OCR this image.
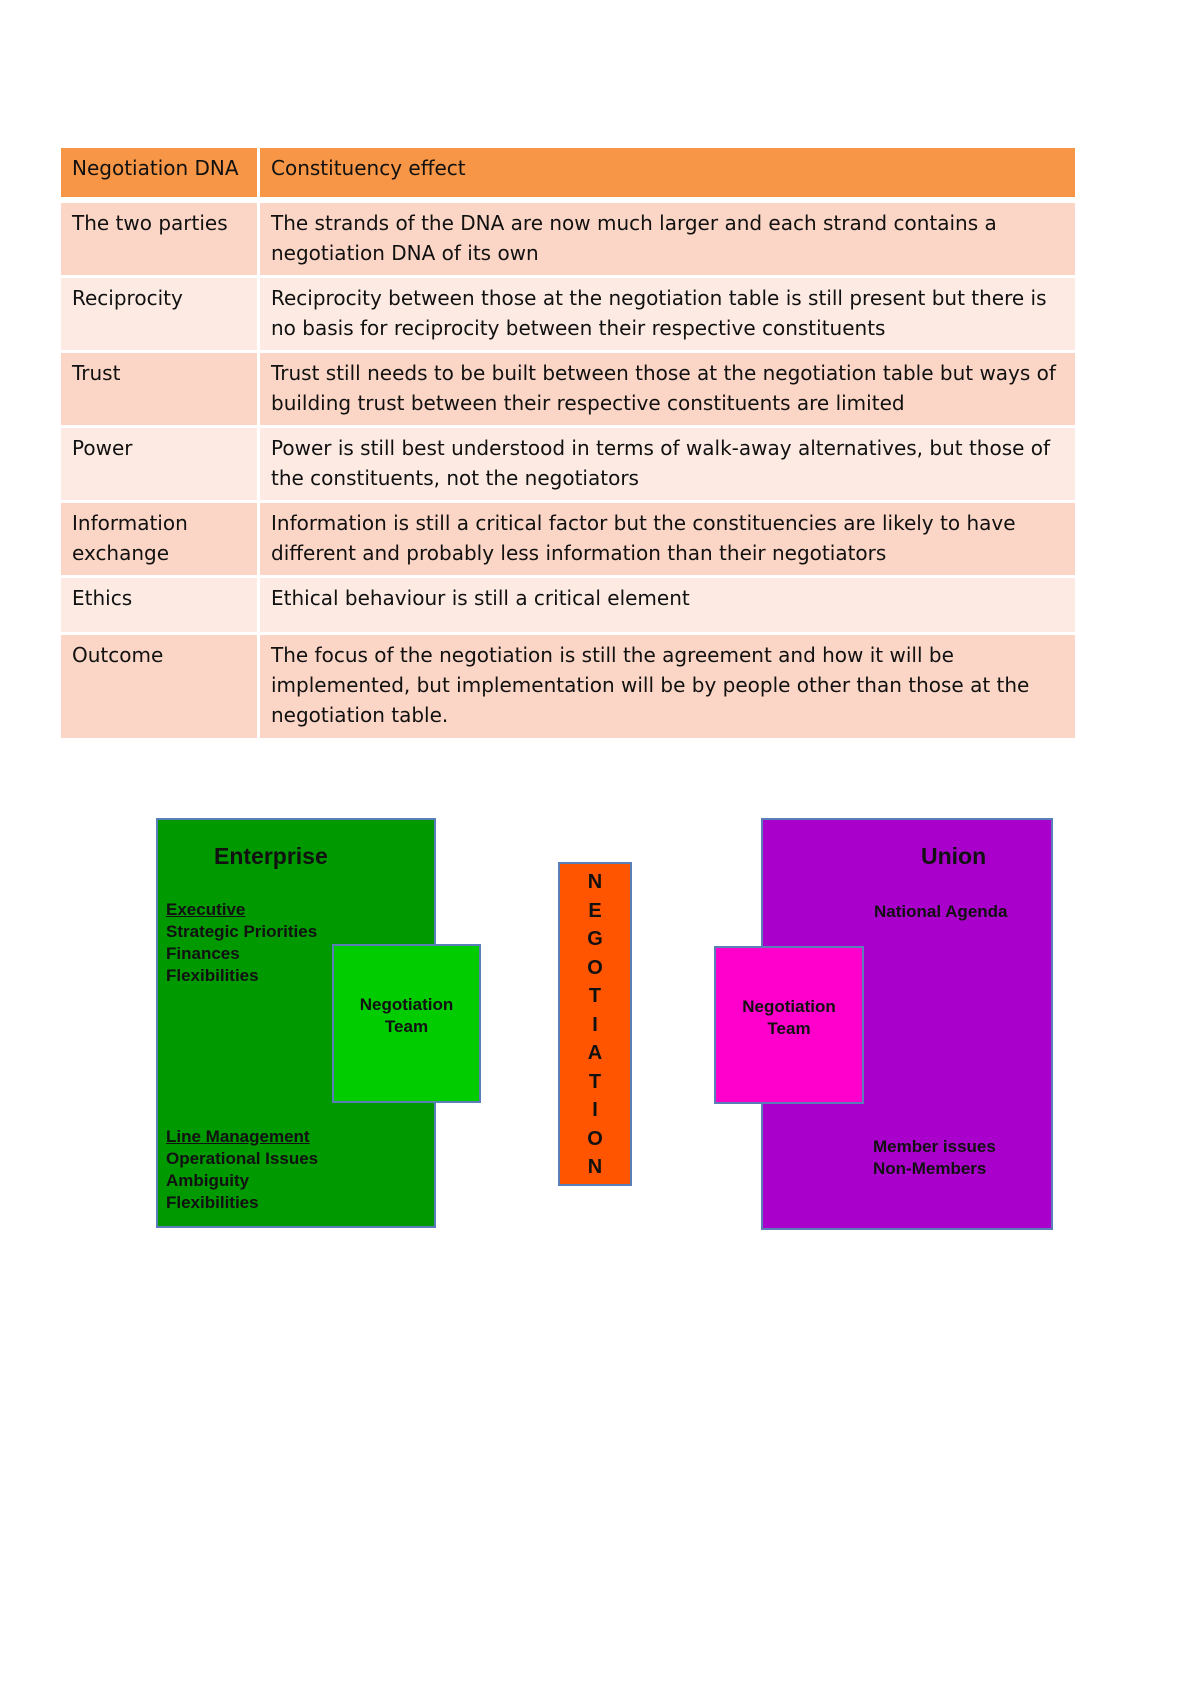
Negotiation DNA	Constituency effect
The two parties	The strands of the DNA are now much larger and each strand contains a negotiation DNA of its own
Reciprocity	Reciprocity between those at the negotiation table is still present but there is no basis for reciprocity between their respective constituents
Trust	Trust still needs to be built between those at the negotiation table but ways of building trust between their respective constituents are limited
Power	Power is still best understood in terms of walk-away alternatives, but those of the constituents, not the negotiators
Information exchange	Information is still a critical factor but the constituencies are likely to have different and probably less information than their negotiators
Ethics	Ethical behaviour is still a critical element
Outcome	The focus of the negotiation is still the agreement and how it will be implemented, but implementation will be by people other than those at the negotiation table.
Enterprise
Executive
Strategic Priorities
Finances
Flexibilities
Line Management
Operational Issues
Ambiguity
Flexibilities
Negotiation
Team
N
E
G
O
T
I
A
T
I
O
N
Union
National Agenda
Negotiation
Team
Member issues
Non-Members
